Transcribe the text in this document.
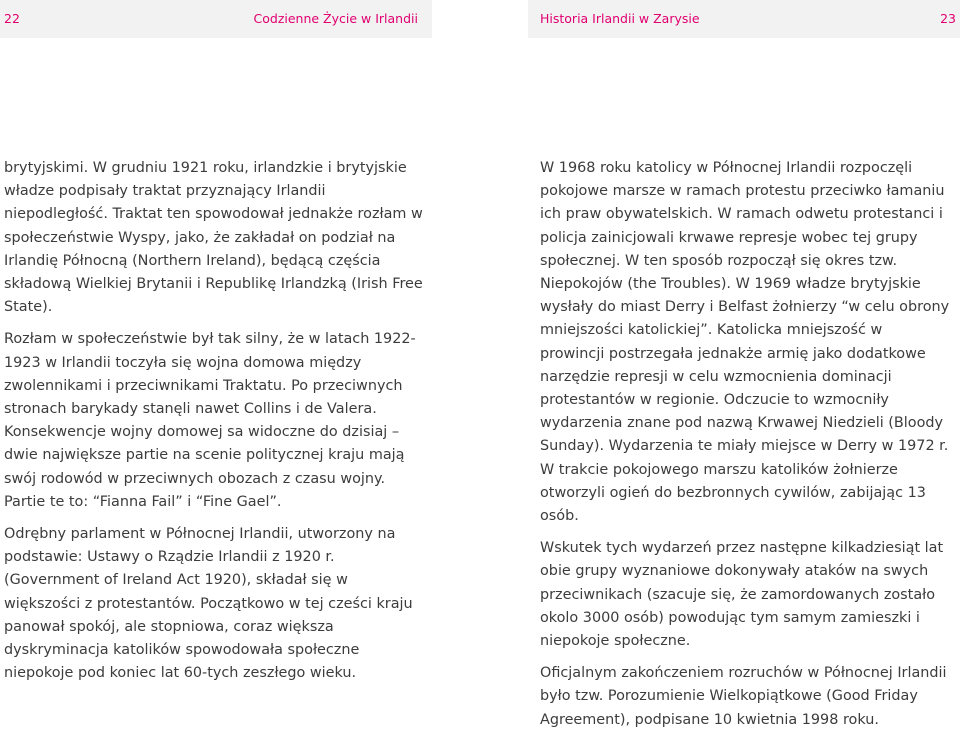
22	Codzienne Życie w Irlandii

brytyjskimi. W grudniu 1921 roku, irlandzkie i brytyjskie władze podpisały traktat przyznający Irlandii niepodległość. Traktat ten spowodował jednakże rozłam w społeczeństwie Wyspy, jako, że zakładał on podział na Irlandię Północną (Northern Ireland), będącą częścia składową Wielkiej Brytanii i Republikę Irlandzką (Irish Free State).

Rozłam w społeczeństwie był tak silny, że w latach 1922-1923 w Irlandii toczyła się wojna domowa między zwolennikami i przeciwnikami Traktatu. Po przeciwnych stronach barykady stanęli nawet Collins i de Valera. Konsekwencje wojny domowej sa widoczne do dzisiaj – dwie największe partie na scenie politycznej kraju mają swój rodowód w przeciwnych obozach z czasu wojny. Partie te to: “Fianna Fail” i “Fine Gael”.

Odrębny parlament w Północnej Irlandii, utworzony na podstawie: Ustawy o Rządzie Irlandii z 1920 r. (Government of Ireland Act 1920), składał się w większości z protestantów. Początkowo w tej cześci kraju panował spokój, ale stopniowa, coraz większa dyskryminacja katolików spowodowała społeczne niepokoje pod koniec lat 60-tych zeszłego wieku.

Historia Irlandii w Zarysie	23

W 1968 roku katolicy w Północnej Irlandii rozpoczęli pokojowe marsze w ramach protestu przeciwko łamaniu ich praw obywatelskich. W ramach odwetu protestanci i policja zainicjowali krwawe represje wobec tej grupy społecznej. W ten sposób rozpoczął się okres tzw. Niepokojów (the Troubles). W 1969 władze brytyjskie wysłały do miast Derry i Belfast żołnierzy “w celu obrony mniejszości katolickiej”. Katolicka mniejszość w prowincji postrzegała jednakże armię jako dodatkowe narzędzie represji w celu wzmocnienia dominacji protestantów w regionie. Odczucie to wzmocniły wydarzenia znane pod nazwą Krwawej Niedzieli (Bloody Sunday). Wydarzenia te miały miejsce w Derry w 1972 r. W trakcie pokojowego marszu katolików żołnierze otworzyli ogień do bezbronnych cywilów, zabijając 13 osób.

Wskutek tych wydarzeń przez następne kilkadziesiąt lat obie grupy wyznaniowe dokonywały ataków na swych przeciwnikach (szacuje się, że zamordowanych zostało okolo 3000 osób) powodując tym samym zamieszki i niepokoje społeczne.

Oficjalnym zakończeniem rozruchów w Północnej Irlandii było tzw. Porozumienie Wielkopiątkowe (Good Friday Agreement), podpisane 10 kwietnia 1998 roku.
